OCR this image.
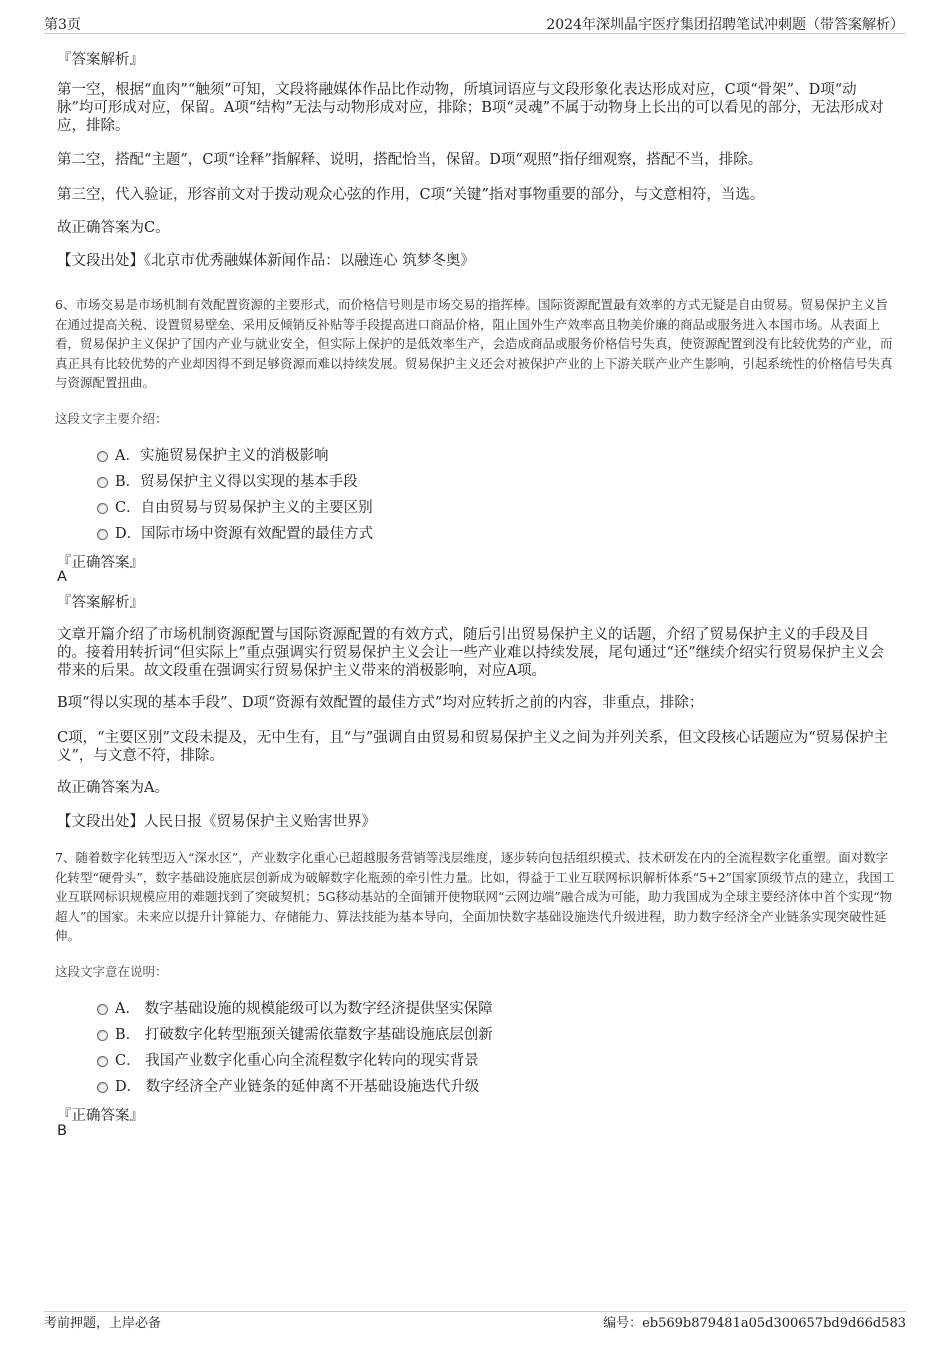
第3页	2024年深圳晶宇医疗集团招聘笔试冲刺题（带答案解析）
『答案解析』
第一空，根据“血肉”“触须”可知，文段将融媒体作品比作动物，所填词语应与文段形象化表达形成对应，C项“骨架”、D项“动脉”均可形成对应，保留。A项“结构”无法与动物形成对应，排除；B项“灵魂”不属于动物身上长出的可以看见的部分，无法形成对应，排除。
第二空，搭配“主题”，C项“诠释”指解释、说明，搭配恰当，保留。D项“观照”指仔细观察，搭配不当，排除。
第三空，代入验证，形容前文对于拨动观众心弦的作用，C项“关键”指对事物重要的部分，与文意相符，当选。
故正确答案为C。
【文段出处】《北京市优秀融媒体新闻作品：以融连心 筑梦冬奥》
6、市场交易是市场机制有效配置资源的主要形式，而价格信号则是市场交易的指挥棒。国际资源配置最有效率的方式无疑是自由贸易。贸易保护主义旨在通过提高关税、设置贸易壁垒、采用反倾销反补贴等手段提高进口商品价格，阻止国外生产效率高且物美价廉的商品或服务进入本国市场。从表面上看，贸易保护主义保护了国内产业与就业安全，但实际上保护的是低效率生产，会造成商品或服务价格信号失真，使资源配置到没有比较优势的产业，而真正具有比较优势的产业却因得不到足够资源而难以持续发展。贸易保护主义还会对被保护产业的上下游关联产业产生影响，引起系统性的价格信号失真与资源配置扭曲。
这段文字主要介绍：
A．实施贸易保护主义的消极影响
B．贸易保护主义得以实现的基本手段
C．自由贸易与贸易保护主义的主要区别
D．国际市场中资源有效配置的最佳方式
『正确答案』
A
『答案解析』
文章开篇介绍了市场机制资源配置与国际资源配置的有效方式，随后引出贸易保护主义的话题，介绍了贸易保护主义的手段及目的。接着用转折词“但实际上”重点强调实行贸易保护主义会让一些产业难以持续发展，尾句通过“还”继续介绍实行贸易保护主义会带来的后果。故文段重在强调实行贸易保护主义带来的消极影响，对应A项。
B项“得以实现的基本手段”、D项“资源有效配置的最佳方式”均对应转折之前的内容，非重点，排除；
C项，“主要区别”文段未提及，无中生有，且“与”强调自由贸易和贸易保护主义之间为并列关系，但文段核心话题应为“贸易保护主义”，与文意不符，排除。
故正确答案为A。
【文段出处】人民日报《贸易保护主义贻害世界》
7、随着数字化转型迈入“深水区”，产业数字化重心已超越服务营销等浅层维度，逐步转向包括组织模式、技术研发在内的全流程数字化重塑。面对数字化转型“硬骨头”，数字基础设施底层创新成为破解数字化瓶颈的牵引性力量。比如，得益于工业互联网标识解析体系“5+2”国家顶级节点的建立，我国工业互联网标识规模应用的难题找到了突破契机；5G移动基站的全面铺开使物联网“云网边端”融合成为可能，助力我国成为全球主要经济体中首个实现“物超人”的国家。未来应以提升计算能力、存储能力、算法技能为基本导向，全面加快数字基础设施迭代升级进程，助力数字经济全产业链条实现突破性延伸。
这段文字意在说明：
A． 数字基础设施的规模能级可以为数字经济提供坚实保障
B． 打破数字化转型瓶颈关键需依靠数字基础设施底层创新
C． 我国产业数字化重心向全流程数字化转向的现实背景
D． 数字经济全产业链条的延伸离不开基础设施迭代升级
『正确答案』
B
考前押题，上岸必备	编号：eb569b879481a05d300657bd9d66d583
